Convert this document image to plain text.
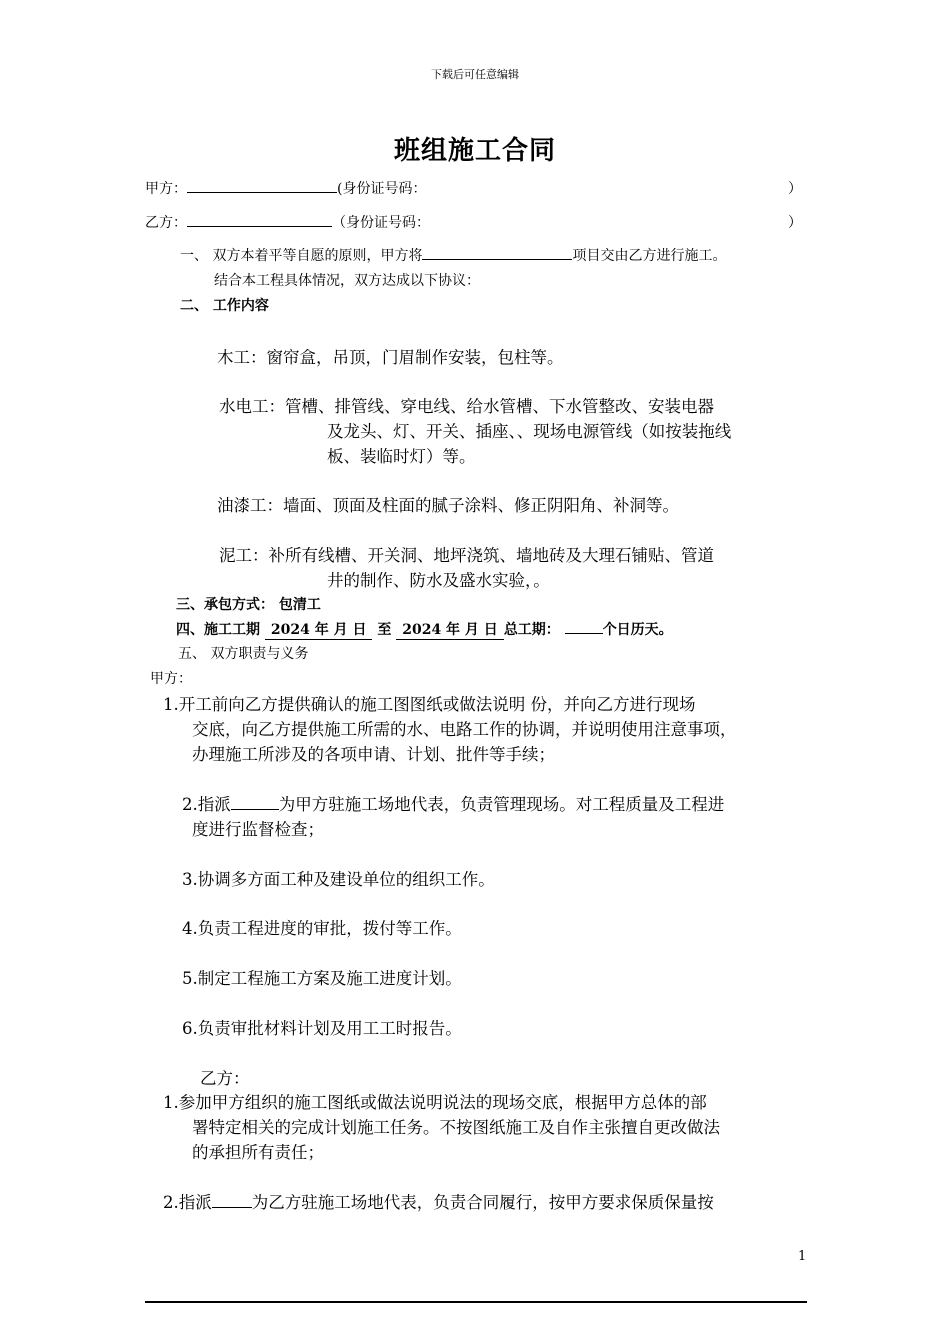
下载后可任意编辑
班组施工合同
甲方：	(身份证号码：	）
乙方：	（身份证号码：	）
一、 双方本着平等自愿的原则，甲方将	项目交由乙方进行施工。
结合本工程具体情况，双方达成以下协议：
二、 工作内容
木工：窗帘盒，吊顶，门眉制作安装，包柱等。
水电工：管槽、排管线、穿电线、给水管槽、下水管整改、安装电器
及龙头、灯、开关、插座、、现场电源管线（如按装拖线
板、装临时灯）等。
油漆工：墙面、顶面及柱面的腻子涂料、修正阴阳角、补洞等。
泥工：补所有线槽、开关洞、地坪浇筑、墙地砖及大理石铺贴、管道
井的制作、防水及盛水实验，。
三、承包方式： 包清工
四、施工工期 2024 年 月 日 至 2024 年 月 日 总工期：	个日历天。
五、 双方职责与义务
甲方：
1.开工前向乙方提供确认的施工图图纸或做法说明 份，并向乙方进行现场
交底，向乙方提供施工所需的水、电路工作的协调，并说明使用注意事项，
办理施工所涉及的各项申请、计划、批件等手续；
2.指派	为甲方驻施工场地代表，负责管理现场。对工程质量及工程进
度进行监督检查；
3.协调多方面工种及建设单位的组织工作。
4.负责工程进度的审批，拨付等工作。
5.制定工程施工方案及施工进度计划。
6.负责审批材料计划及用工工时报告。
乙方：
1.参加甲方组织的施工图纸或做法说明说法的现场交底，根据甲方总体的部
署特定相关的完成计划施工任务。不按图纸施工及自作主张擅自更改做法
的承担所有责任；
2.指派 为乙方驻施工场地代表，负责合同履行，按甲方要求保质保量按
1
